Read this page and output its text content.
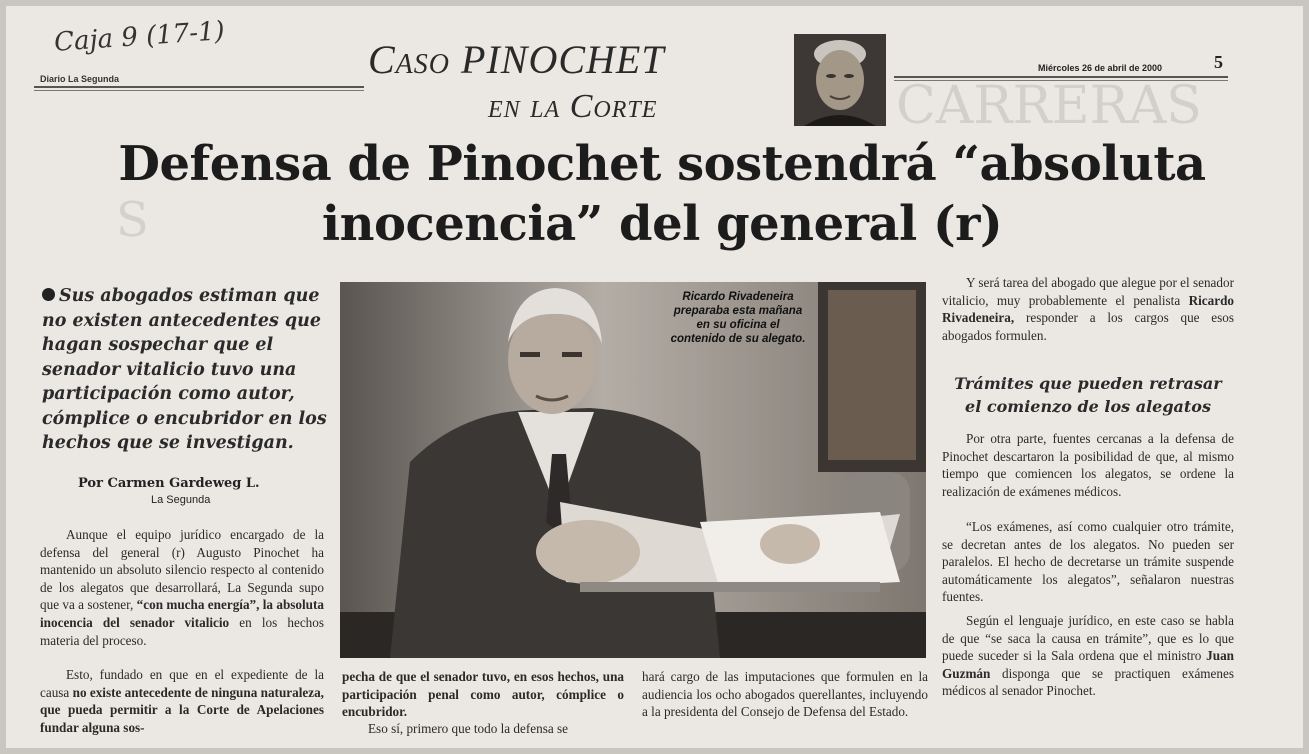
CARRERAS
S
Caja 9 (17-1)
Diario La Segunda	Caso PINOCHET
en la Corte
Miércoles 26 de abril de 2000	5
Defensa de Pinochet sostendrá “absoluta
inocencia” del general (r)
Sus abogados estiman que no existen antecedentes que hagan sospechar que el senador vitalicio tuvo una participación como autor, cómplice o encubridor en los hechos que se investigan.
Por Carmen Gardeweg L.
La Segunda
Aunque el equipo jurídico encargado de la defensa del general (r) Augusto Pinochet ha mantenido un absoluto silencio respecto al contenido de los alegatos que desarrollará, La Segunda supo que va a sostener, “con mucha energía”, la absoluta inocencia del senador vitalicio en los hechos materia del proceso.
Esto, fundado en que en el expediente de la causa no existe antecedente de ninguna naturaleza, que pueda permitir a la Corte de Apelaciones fundar alguna sos-
Ricardo Rivadeneira preparaba esta mañana en su oficina el contenido de su alegato.
pecha de que el senador tuvo, en esos hechos, una participación penal como autor, cómplice o encubridor.
Eso sí, primero que todo la defensa se
hará cargo de las imputaciones que formulen en la audiencia los ocho abogados querellantes, incluyendo a la presidenta del Consejo de Defensa del Estado.
Y será tarea del abogado que alegue por el senador vitalicio, muy probablemente el penalista Ricardo Rivadeneira, responder a los cargos que esos abogados formulen.
Trámites que pueden retrasar el comienzo de los alegatos
Por otra parte, fuentes cercanas a la defensa de Pinochet descartaron la posibilidad de que, al mismo tiempo que comiencen los alegatos, se ordene la realización de exámenes médicos.
“Los exámenes, así como cualquier otro trámite, se decretan antes de los alegatos. No pueden ser paralelos. El hecho de decretarse un trámite suspende automáticamente los alegatos”, señalaron nuestras fuentes.
Según el lenguaje jurídico, en este caso se habla de que “se saca la causa en trámite”, que es lo que puede suceder si la Sala ordena que el ministro Juan Guzmán disponga que se practiquen exámenes médicos al senador Pinochet.
